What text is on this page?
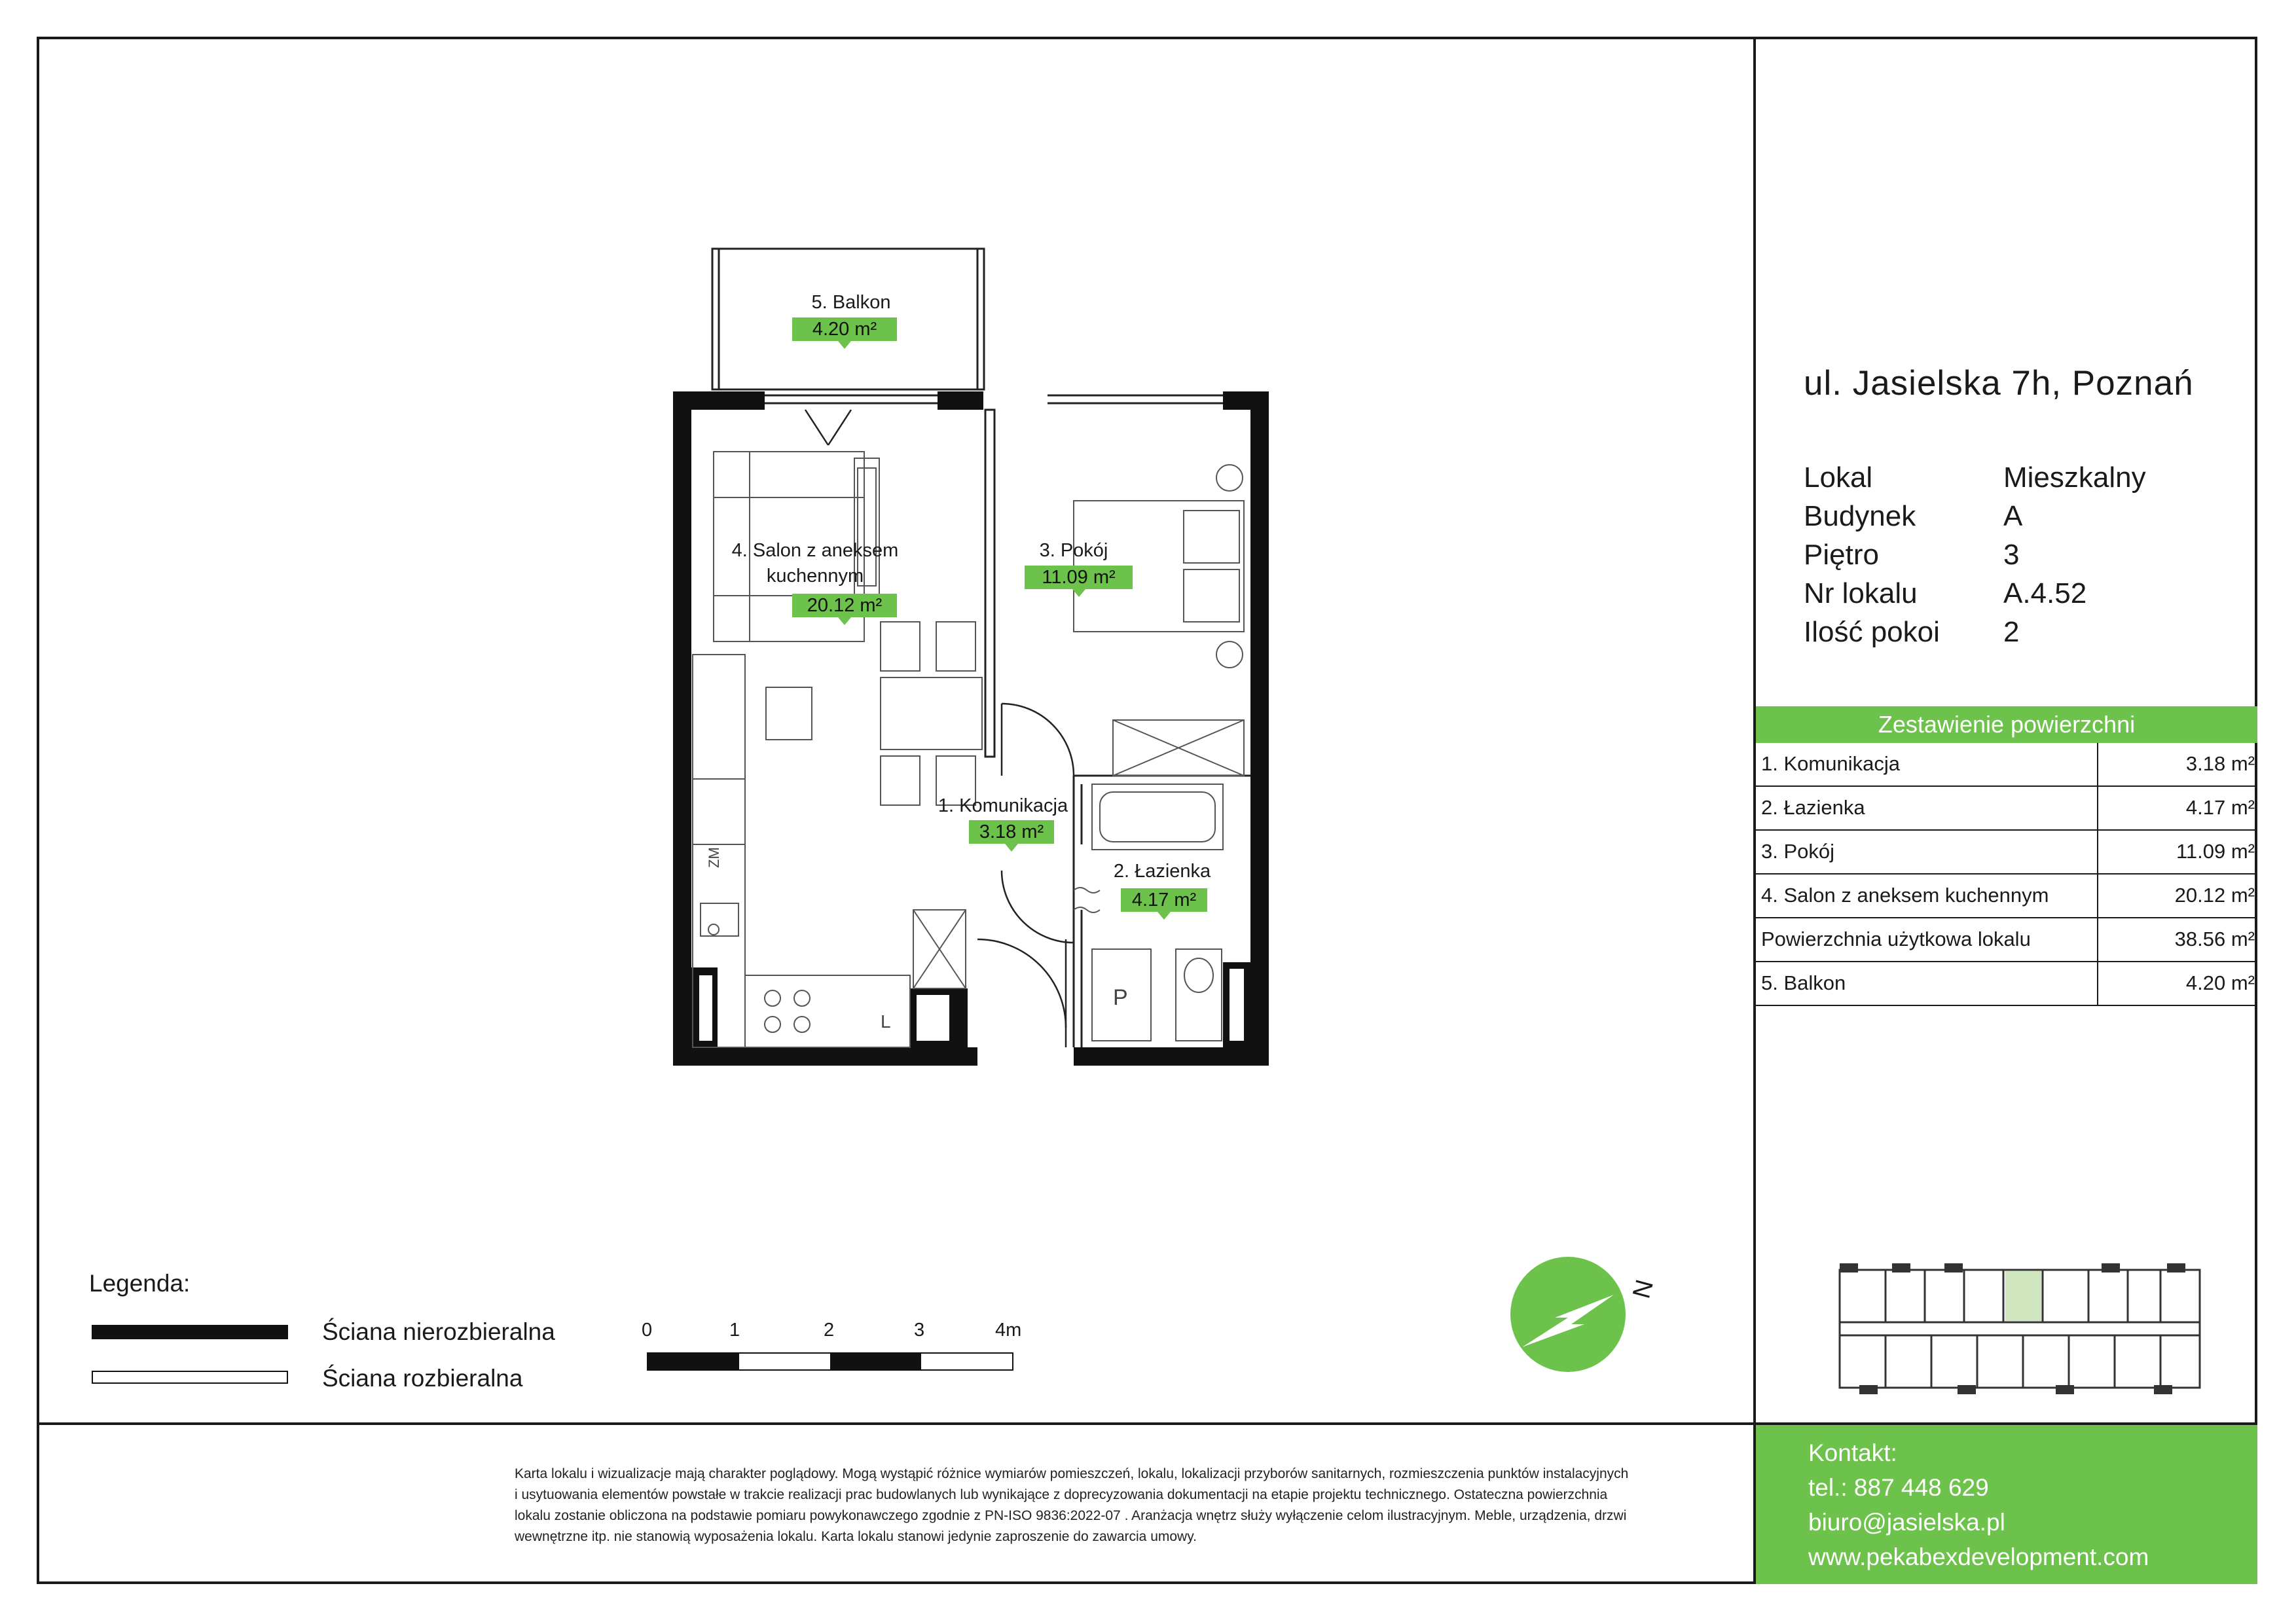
ZM
L
P
5. Balkon
4.20 m²
4. Salon z aneksem
kuchennym
20.12 m²
3. Pokój
11.09 m²
1. Komunikacja
3.18 m²
2. Łazienka
4.17 m²
ul. Jasielska 7h, Poznań
Lokal	Mieszkalny
Budynek	A
Piętro	3
Nr lokalu	A.4.52
Ilość pokoi 2
Zestawienie powierzchni
1. Komunikacja	3.18 m²
2. Łazienka	4.17 m²
3. Pokój	11.09 m²
4. Salon z aneksem kuchennym	20.12 m²
Powierzchnia użytkowa lokalu	38.56 m²
5. Balkon	4.20 m²
Legenda:
Ściana nierozbieralna
Ściana rozbieralna
0	1	2	3	4m
N
Karta lokalu i wizualizacje mają charakter poglądowy. Mogą wystąpić różnice wymiarów pomieszczeń, lokalu, lokalizacji przyborów sanitarnych, rozmieszczenia punktów instalacyjnych
i usytuowania elementów powstałe w trakcie realizacji prac budowlanych lub wynikające z doprecyzowania dokumentacji na etapie projektu technicznego. Ostateczna powierzchnia
lokalu zostanie obliczona na podstawie pomiaru powykonawczego zgodnie z PN-ISO 9836:2022-07 . Aranżacja wnętrz służy wyłączenie celom ilustracyjnym. Meble, urządzenia, drzwi
wewnętrzne itp. nie stanowią wyposażenia lokalu. Karta lokalu stanowi jedynie zaproszenie do zawarcia umowy.
Kontakt:
tel.: 887 448 629
biuro@jasielska.pl
www.pekabexdevelopment.com
